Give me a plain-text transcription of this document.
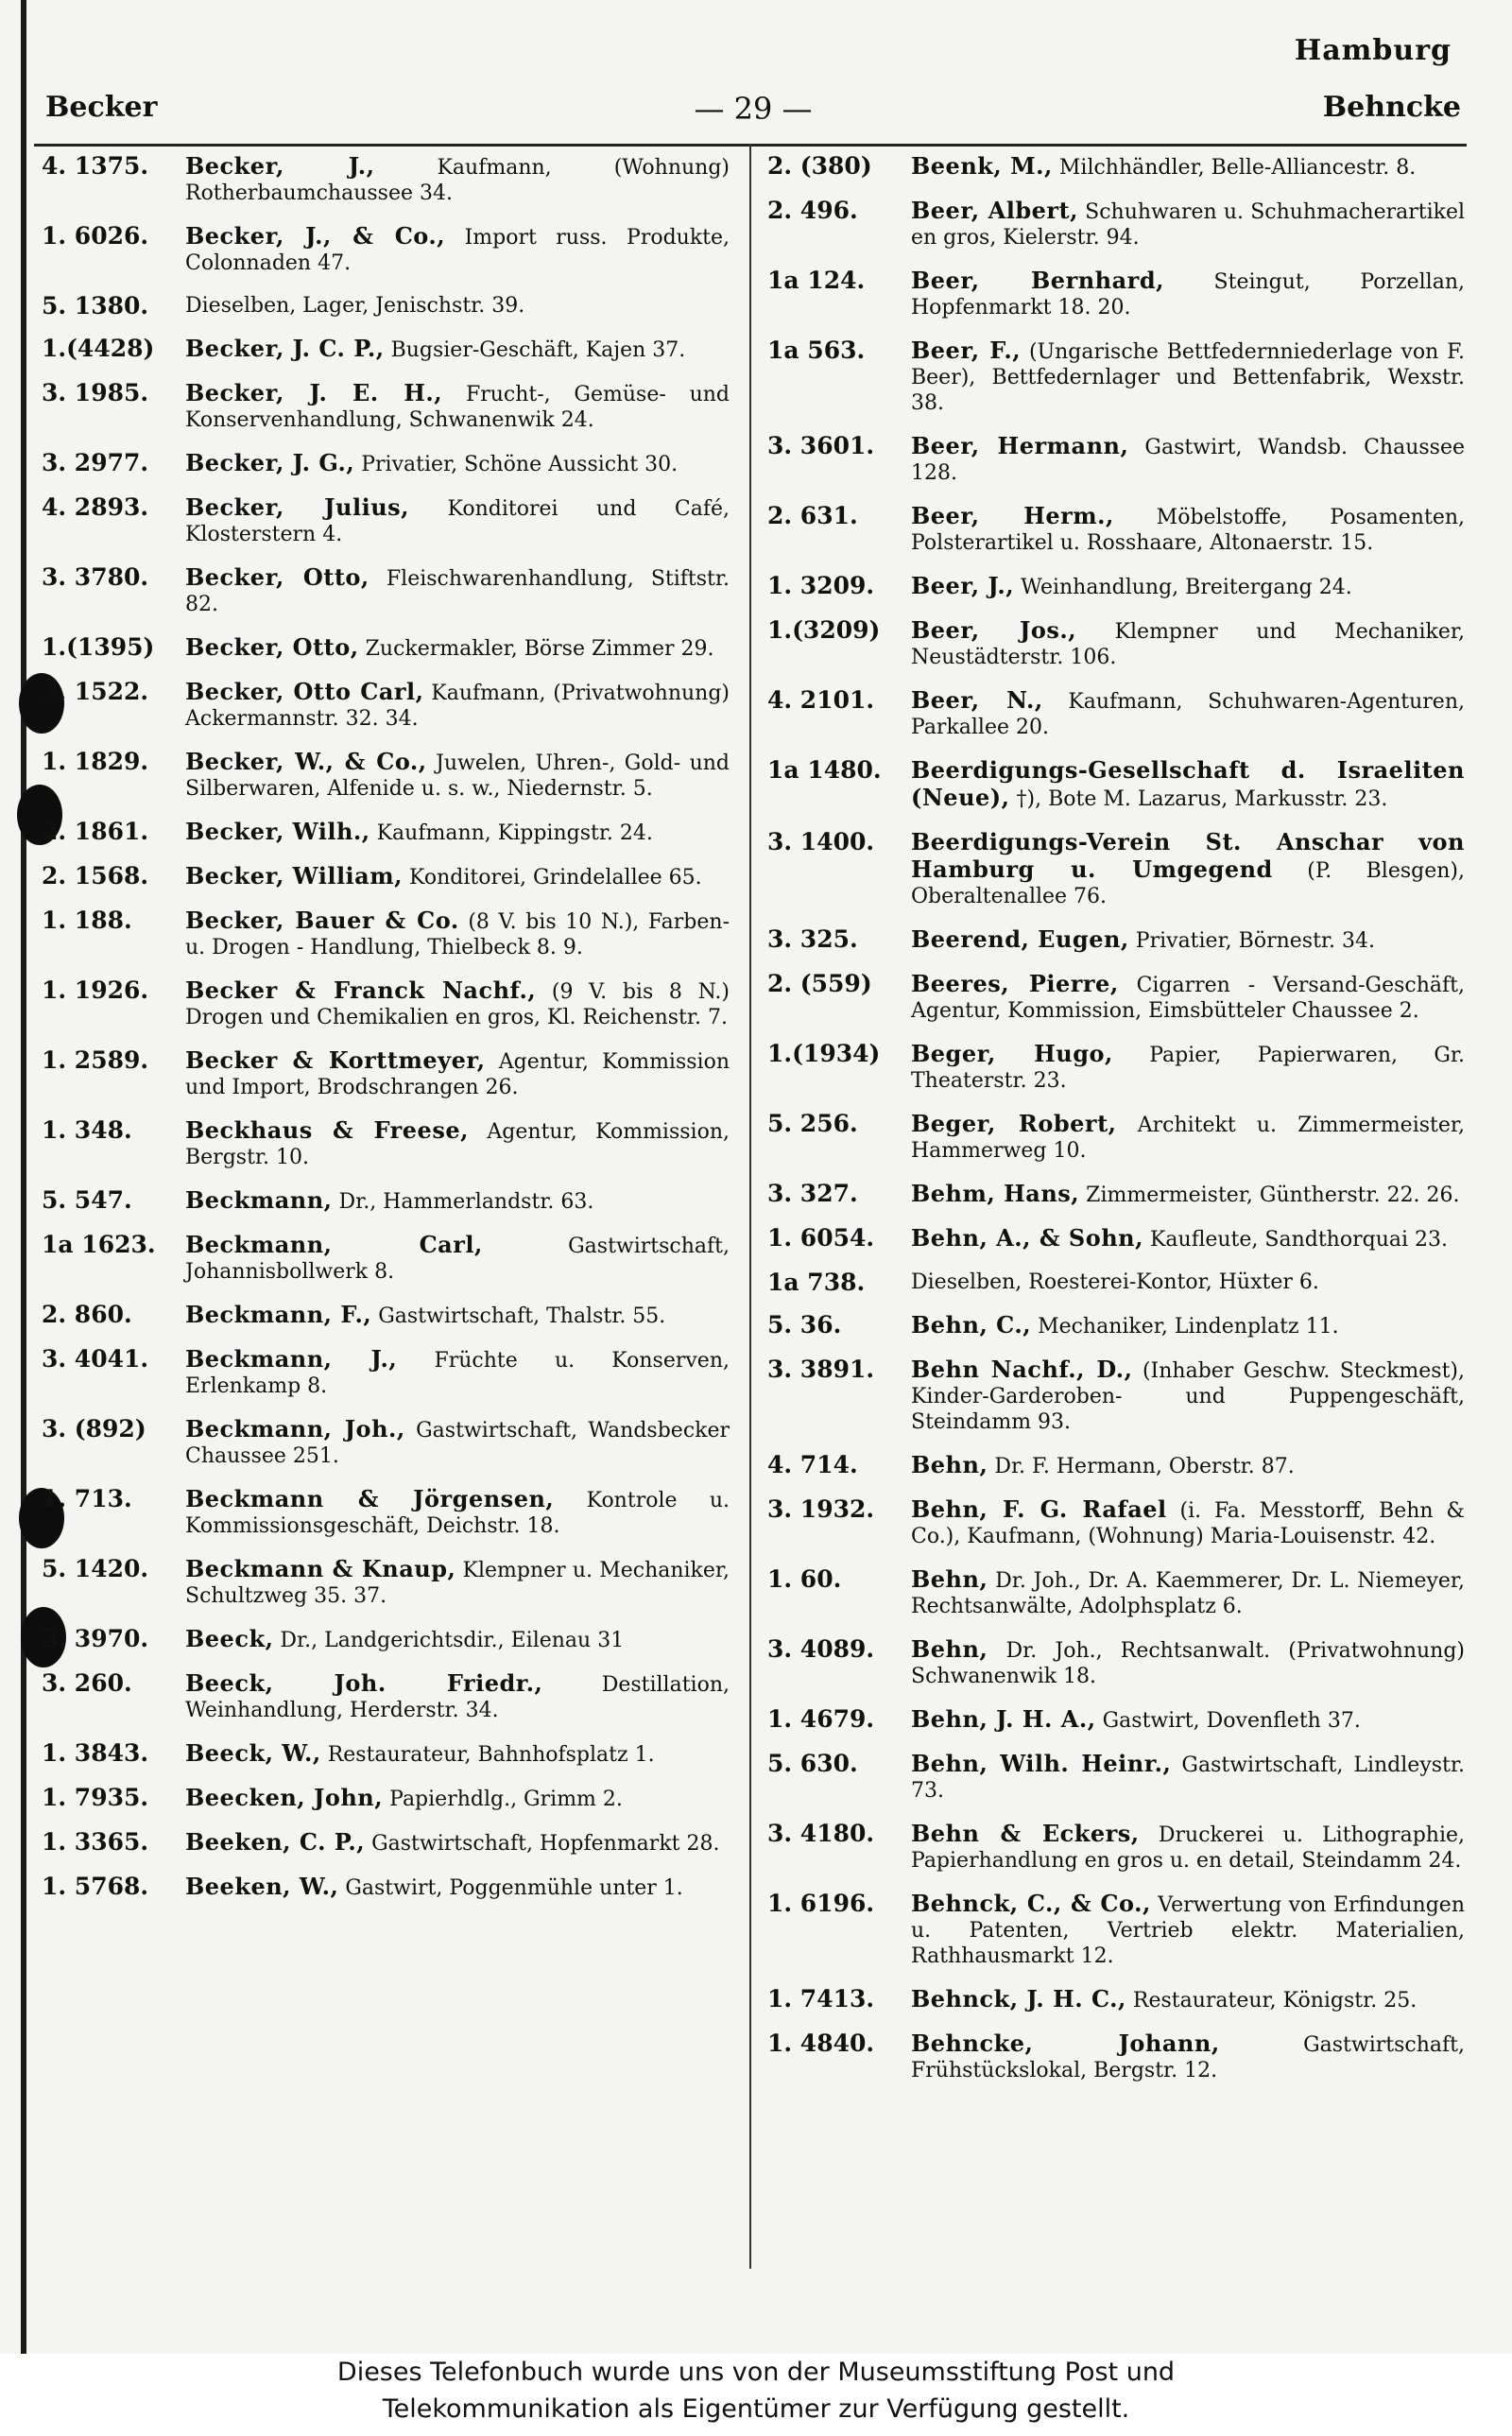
Hamburg
Becker	— 29 —	Behncke
4. 1375.	Becker, J.,	Kaufmann, (Wohnung) Rotherbaumchaussee 34.
1. 6026.	Becker, J., & Co., Import russ. Produkte, Colonnaden 47.
5. 1380.	Dieselben, Lager, Jenischstr. 39.
1.(4428)	Becker, J. C. P., Bugsier-Geschäft, Kajen 37.
3. 1985.	Becker, J. E. H., Frucht-, Gemüse- und Konservenhandlung, Schwanenwik 24.
3. 2977.	Becker, J. G., Privatier, Schöne Aussicht 30.
4. 2893.	Becker, Julius, Konditorei und Café, Klosterstern 4.
3. 3780.	Becker, Otto, Fleischwarenhandlung, Stiftstr. 82.
1.(1395)	Becker, Otto, Zuckermakler, Börse Zimmer 29.
3. 1522.	Becker, Otto Carl, Kaufmann, (Privatwohnung) Ackermannstr. 32. 34.
1. 1829.	Becker, W., & Co., Juwelen, Uhren-, Gold- und Silberwaren, Alfenide u. s. w., Niedernstr. 5.
2. 1861.	Becker, Wilh., Kaufmann, Kippingstr. 24.
2. 1568.	Becker, William, Konditorei, Grindelallee 65.
1. 188.	Becker, Bauer & Co. (8 V. bis 10 N.), Farben- u. Drogen - Handlung, Thielbeck 8. 9.
1. 1926.	Becker & Franck Nachf., (9 V. bis 8 N.) Drogen und Chemikalien en gros, Kl. Reichenstr. 7.
1. 2589.	Becker & Korttmeyer, Agentur, Kommission und Import, Brodschrangen 26.
1. 348.	Beckhaus & Freese, Agentur, Kommission, Bergstr. 10.
5. 547.	Beckmann, Dr., Hammerlandstr. 63.
1a 1623.	Beckmann, Carl,	Gastwirtschaft, Johannisbollwerk 8.
2. 860.	Beckmann, F., Gastwirtschaft, Thalstr. 55.
3. 4041.	Beckmann, J., Früchte u. Konserven, Erlenkamp 8.
3. (892)	Beckmann, Joh., Gastwirtschaft, Wandsbecker Chaussee 251.
1. 713.	Beckmann & Jörgensen, Kontrole u. Kommissionsgeschäft, Deichstr. 18.
5. 1420.	Beckmann & Knaup, Klempner u. Mechaniker, Schultzweg 35. 37.
3. 3970.	Beeck, Dr., Landgerichtsdir., Eilenau 31
3. 260.	Beeck, Joh. Friedr.,	Destillation, Weinhandlung, Herderstr. 34.
1. 3843.	Beeck, W., Restaurateur, Bahnhofsplatz 1.
1. 7935.	Beecken, John, Papierhdlg., Grimm 2.
1. 3365.	Beeken, C. P., Gastwirtschaft, Hopfenmarkt 28.
1. 5768.	Beeken, W., Gastwirt, Poggenmühle unter 1.
2. (380)	Beenk, M., Milchhändler, Belle-Alliancestr. 8.
2. 496.	Beer, Albert, Schuhwaren u. Schuhmacherartikel en gros, Kielerstr. 94.
1a 124.	Beer, Bernhard, Steingut, Porzellan, Hopfenmarkt 18. 20.
1a 563.	Beer, F., (Ungarische Bettfedernniederlage von F. Beer), Bettfedernlager und Bettenfabrik, Wexstr. 38.
3. 3601.	Beer, Hermann, Gastwirt, Wandsb. Chaussee 128.
2. 631.	Beer, Herm., Möbelstoffe, Posamenten, Polsterartikel u. Rosshaare, Altonaerstr. 15.
1. 3209.	Beer, J., Weinhandlung, Breitergang 24.
1.(3209)	Beer, Jos., Klempner und Mechaniker, Neustädterstr. 106.
4. 2101.	Beer, N., Kaufmann, Schuhwaren-Agenturen, Parkallee 20.
1a 1480.	Beerdigungs-Gesellschaft d. Israeliten (Neue), †), Bote M. Lazarus, Markusstr. 23.
3. 1400.	Beerdigungs-Verein St. Anschar von Hamburg u. Umgegend (P. Blesgen), Oberaltenallee 76.
3. 325.	Beerend, Eugen, Privatier, Börnestr. 34.
2. (559)	Beeres, Pierre, Cigarren - Versand-Geschäft, Agentur, Kommission, Eimsbütteler Chaussee 2.
1.(1934)	Beger, Hugo, Papier, Papierwaren, Gr. Theaterstr. 23.
5. 256.	Beger, Robert, Architekt u. Zimmermeister, Hammerweg 10.
3. 327.	Behm, Hans, Zimmermeister, Güntherstr. 22. 26.
1. 6054.	Behn, A., & Sohn, Kaufleute, Sandthorquai 23.
1a 738.	Dieselben, Roesterei-Kontor, Hüxter 6.
5. 36.	Behn, C., Mechaniker, Lindenplatz 11.
3. 3891.	Behn Nachf., D., (Inhaber Geschw. Steckmest), Kinder-Garderoben- und Puppengeschäft, Steindamm 93.
4. 714.	Behn, Dr. F. Hermann, Oberstr. 87.
3. 1932.	Behn, F. G. Rafael (i. Fa. Messtorff, Behn & Co.), Kaufmann, (Wohnung) Maria-Louisenstr. 42.
1. 60.	Behn, Dr. Joh., Dr. A. Kaemmerer, Dr. L. Niemeyer, Rechtsanwälte, Adolphsplatz 6.
3. 4089.	Behn, Dr. Joh., Rechtsanwalt. (Privatwohnung) Schwanenwik 18.
1. 4679.	Behn, J. H. A., Gastwirt, Dovenfleth 37.
5. 630.	Behn, Wilh. Heinr., Gastwirtschaft, Lindleystr. 73.
3. 4180.	Behn & Eckers, Druckerei u. Lithographie, Papierhandlung en gros u. en detail, Steindamm 24.
1. 6196.	Behnck, C., & Co., Verwertung von Erfindungen u. Patenten, Vertrieb elektr. Materialien, Rathhausmarkt 12.
1. 7413.	Behnck, J. H. C., Restaurateur, Königstr. 25.
1. 4840.	Behncke, Johann,	Gastwirtschaft, Frühstückslokal, Bergstr. 12.
Dieses Telefonbuch wurde uns von der Museumsstiftung Post und
Telekommunikation als Eigentümer zur Verfügung gestellt.
